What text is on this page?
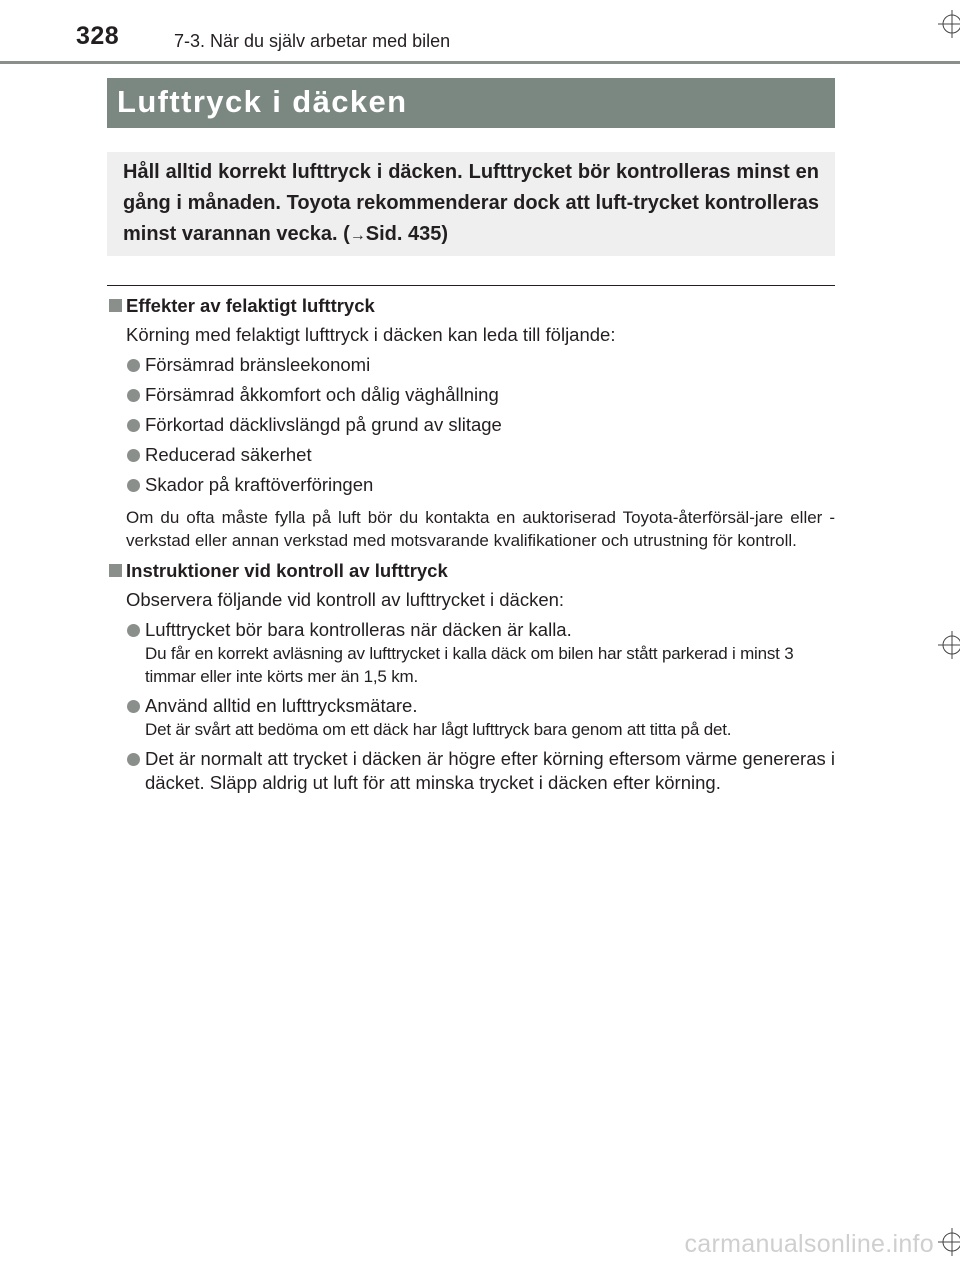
328	7-3. När du själv arbetar med bilen
Lufttryck i däcken
Håll alltid korrekt lufttryck i däcken. Lufttrycket bör kontrolleras minst en gång i månaden. Toyota rekommenderar dock att luft-trycket kontrolleras minst varannan vecka. (→Sid. 435)
Effekter av felaktigt lufttryck
Körning med felaktigt lufttryck i däcken kan leda till följande:
Försämrad bränsleekonomi
Försämrad åkkomfort och dålig väghållning
Förkortad däcklivslängd på grund av slitage
Reducerad säkerhet
Skador på kraftöverföringen
Om du ofta måste fylla på luft bör du kontakta en auktoriserad Toyota-återförsäl-jare eller -verkstad eller annan verkstad med motsvarande kvalifikationer och utrustning för kontroll.
Instruktioner vid kontroll av lufttryck
Observera följande vid kontroll av lufttrycket i däcken:
Lufttrycket bör bara kontrolleras när däcken är kalla.
Du får en korrekt avläsning av lufttrycket i kalla däck om bilen har stått parkerad i minst 3 timmar eller inte körts mer än 1,5 km.
Använd alltid en lufttrycksmätare.
Det är svårt att bedöma om ett däck har lågt lufttryck bara genom att titta på det.
Det är normalt att trycket i däcken är högre efter körning eftersom värme genereras i däcket. Släpp aldrig ut luft för att minska trycket i däcken efter körning.
carmanualsonline.info
